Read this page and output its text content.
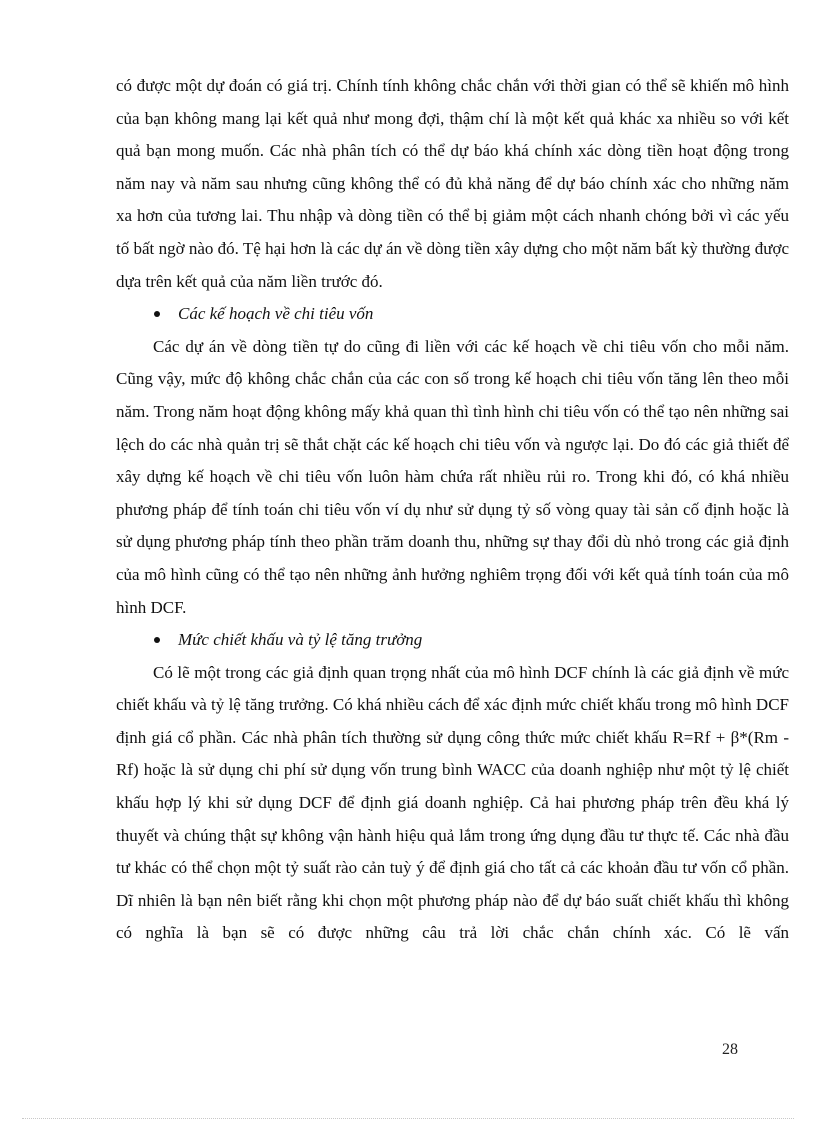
có được một dự đoán có giá trị. Chính tính không chắc chắn với thời gian có thể sẽ khiến mô hình của bạn không mang lại kết quả như mong đợi, thậm chí là một kết quả khác xa nhiều so với kết quả bạn mong muốn. Các nhà phân tích có thể dự báo khá chính xác dòng tiền hoạt động trong năm nay và năm sau nhưng cũng không thể có đủ khả năng để dự báo chính xác cho những năm xa hơn của tương lai. Thu nhập và dòng tiền có thể bị giảm một cách nhanh chóng bởi vì các yếu tố bất ngờ nào đó. Tệ hại hơn là các dự án về dòng tiền xây dựng cho một năm bất kỳ thường được dựa trên kết quả của năm liền trước đó.

Các kế hoạch về chi tiêu vốn

Các dự án về dòng tiền tự do cũng đi liền với các kế hoạch về chi tiêu vốn cho mỗi năm. Cũng vậy, mức độ không chắc chắn của các con số trong kế hoạch chi tiêu vốn tăng lên theo mỗi năm. Trong năm hoạt động không mấy khả quan thì tình hình chi tiêu vốn có thể tạo nên những sai lệch do các nhà quản trị sẽ thắt chặt các kế hoạch chi tiêu vốn và ngược lại. Do đó các giả thiết để xây dựng kế hoạch về chi tiêu vốn luôn hàm chứa rất nhiều rủi ro. Trong khi đó, có khá nhiều phương pháp để tính toán chi tiêu vốn ví dụ như sử dụng tỷ số vòng quay tài sản cố định hoặc là sử dụng phương pháp tính theo phần trăm doanh thu, những sự thay đổi dù nhỏ trong các giả định của mô hình cũng có thể tạo nên những ảnh hưởng nghiêm trọng đối với kết quả tính toán của mô hình DCF.

Mức chiết khấu và tỷ lệ tăng trưởng

Có lẽ một trong các giả định quan trọng nhất của mô hình DCF chính là các giả định về mức chiết khấu và tỷ lệ tăng trưởng. Có khá nhiều cách để xác định mức chiết khấu trong mô hình DCF định giá cổ phần. Các nhà phân tích thường sử dụng công thức mức chiết khấu R=Rf + β*(Rm - Rf) hoặc là sử dụng chi phí sử dụng vốn trung bình WACC của doanh nghiệp như một tỷ lệ chiết khấu hợp lý khi sử dụng DCF để định giá doanh nghiệp. Cả hai phương pháp trên đều khá lý thuyết và chúng thật sự không vận hành hiệu quả lắm trong ứng dụng đầu tư thực tế. Các nhà đầu tư khác có thể chọn một tỷ suất rào cản tuỳ ý để định giá cho tất cả các khoản đầu tư vốn cổ phần. Dĩ nhiên là bạn nên biết rằng khi chọn một phương pháp nào để dự báo suất chiết khấu thì không có nghĩa là bạn sẽ có được những câu trả lời chắc chắn chính xác. Có lẽ vấn

28
